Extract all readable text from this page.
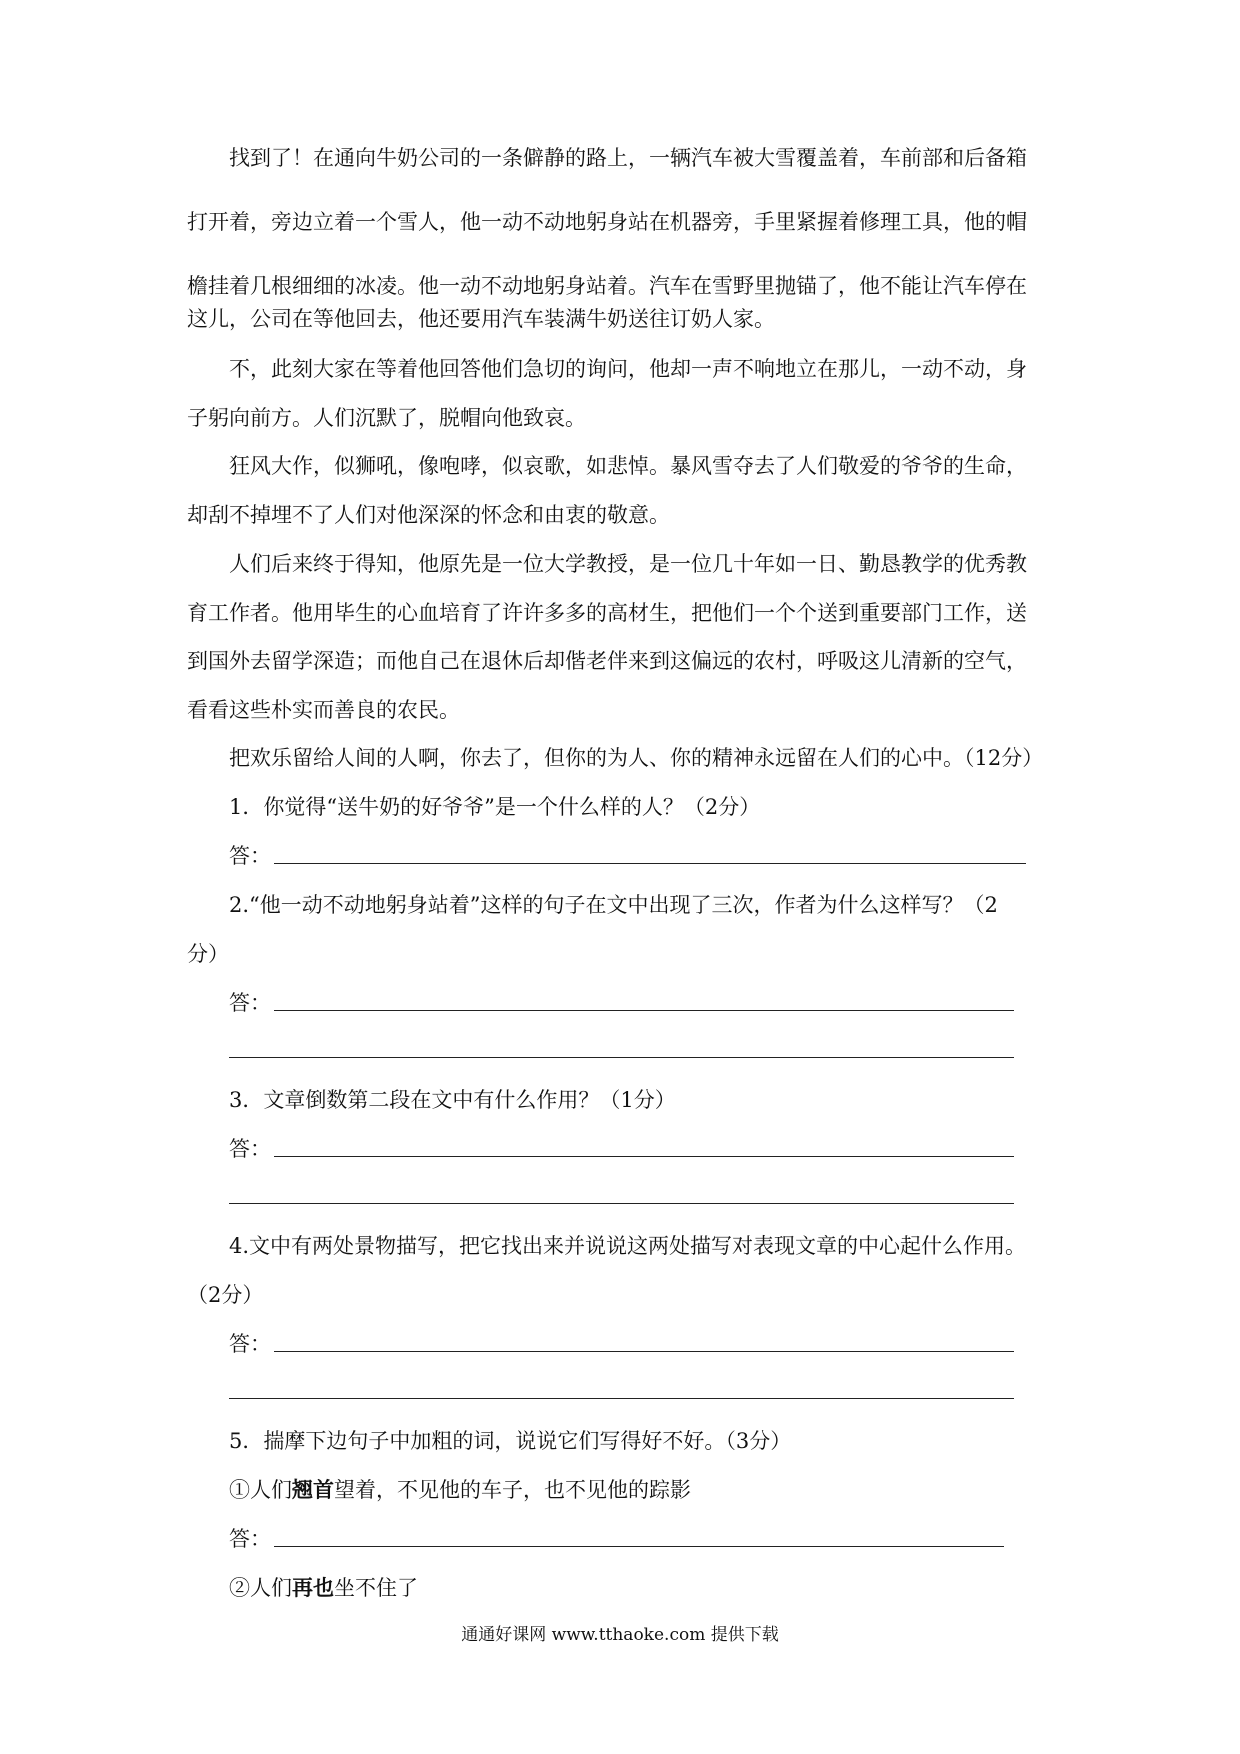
找到了！在通向牛奶公司的一条僻静的路上，一辆汽车被大雪覆盖着，车前部和后备箱
打开着，旁边立着一个雪人，他一动不动地躬身站在机器旁，手里紧握着修理工具，他的帽
檐挂着几根细细的冰凌。他一动不动地躬身站着。汽车在雪野里抛锚了，他不能让汽车停在
这儿，公司在等他回去，他还要用汽车装满牛奶送往订奶人家。
不，此刻大家在等着他回答他们急切的询问，他却一声不响地立在那儿，一动不动，身
子躬向前方。人们沉默了，脱帽向他致哀。
狂风大作，似狮吼，像咆哮，似哀歌，如悲悼。暴风雪夺去了人们敬爱的爷爷的生命，
却刮不掉埋不了人们对他深深的怀念和由衷的敬意。
人们后来终于得知，他原先是一位大学教授，是一位几十年如一日、勤恳教学的优秀教
育工作者。他用毕生的心血培育了许许多多的高材生，把他们一个个送到重要部门工作，送
到国外去留学深造；而他自己在退休后却偕老伴来到这偏远的农村，呼吸这儿清新的空气，
看看这些朴实而善良的农民。
把欢乐留给人间的人啊，你去了，但你的为人、你的精神永远留在人们的心中。（12分）
1．你觉得“送牛奶的好爷爷”是一个什么样的人？（2分）
答：
2.“他一动不动地躬身站着”这样的句子在文中出现了三次，作者为什么这样写？（2
分）
答：
3．文章倒数第二段在文中有什么作用？（1分）
答：
4.文中有两处景物描写，把它找出来并说说这两处描写对表现文章的中心起什么作用。
（2分）
答：
5．揣摩下边句子中加粗的词，说说它们写得好不好。（3分）
①人们翘首望着，不见他的车子，也不见他的踪影
答：
②人们再也坐不住了
通通好课网 www.tthaoke.com 提供下载
